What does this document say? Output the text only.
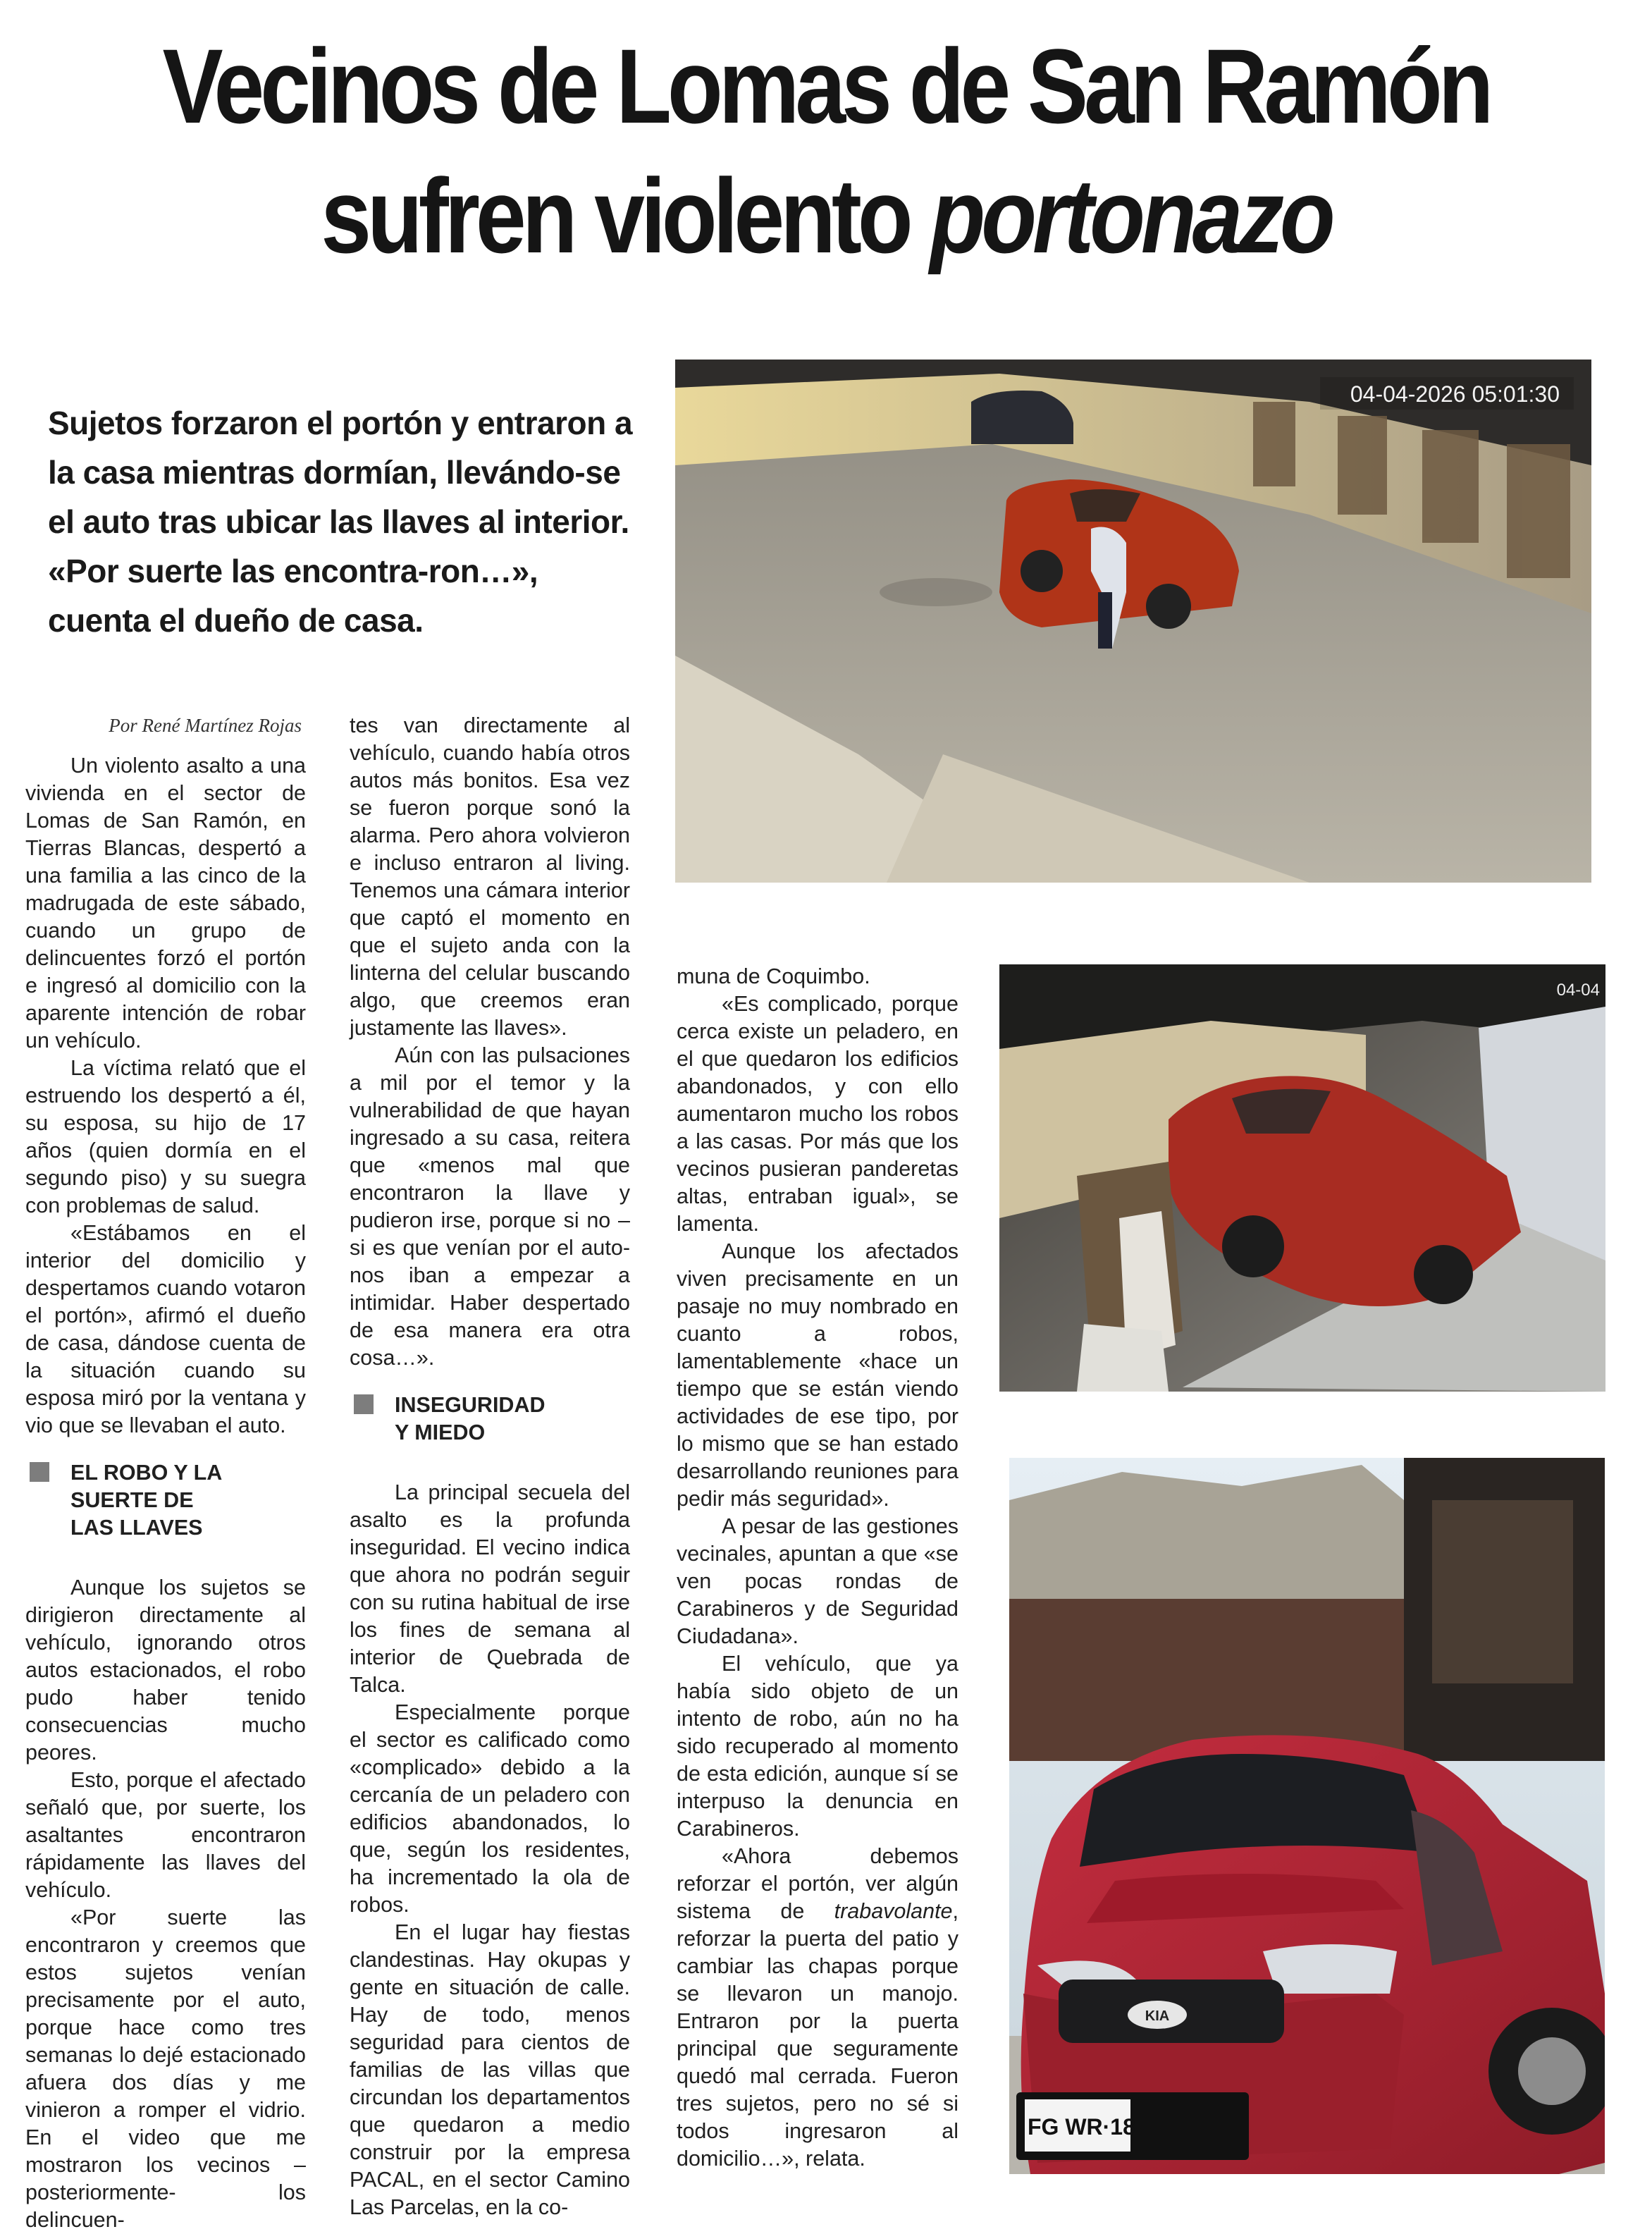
Vecinos de Lomas de San Ramón
sufren violento portonazo
Sujetos forzaron el portón y entraron a la casa mientras dormían, llevándo-se el auto tras ubicar las llaves al interior. «Por suerte las encontra-ron…», cuenta el dueño de casa.
04-04-2026 05:01:30
04-04
KIA
FG WR·18

Por René Martínez Rojas

Un violento asalto a una vivienda en el sector de Lomas de San Ramón, en Tierras Blancas, despertó a una familia a las cinco de la madrugada de este sábado, cuando un grupo de delincuentes forzó el portón e ingresó al domicilio con la aparente intención de robar un vehículo.

La víctima relató que el estruendo los despertó a él, su esposa, su hijo de 17 años (quien dormía en el segundo piso) y su suegra con problemas de salud.

«Estábamos en el interior del domicilio y despertamos cuando votaron el portón», afirmó el dueño de casa, dándose cuenta de la situación cuando su esposa miró por la ventana y vio que se llevaban el auto.

EL ROBO Y LA
SUERTE DE
LAS LLAVES

Aunque los sujetos se dirigieron directamente al vehículo, ignorando otros autos estacionados, el robo pudo haber tenido consecuencias mucho peores.

Esto, porque el afectado señaló que, por suerte, los asaltantes encontraron rápidamente las llaves del vehículo.

«Por suerte las encontraron y creemos que estos sujetos venían precisamente por el auto, porque hace como tres semanas lo dejé estacionado afuera dos días y me vinieron a romper el vidrio. En el video que me mostraron los vecinos –posteriormente- los delincuen-

tes van directamente al vehículo, cuando había otros autos más bonitos. Esa vez se fueron porque sonó la alarma. Pero ahora volvieron e incluso entraron al living. Tenemos una cámara interior que captó el momento en que el sujeto anda con la linterna del celular buscando algo, que creemos eran justamente las llaves».

Aún con las pulsaciones a mil por el temor y la vulnerabilidad de que hayan ingresado a su casa, reitera que «menos mal que encontraron la llave y pudieron irse, porque si no –si es que venían por el auto- nos iban a empezar a intimidar. Haber despertado de esa manera era otra cosa…».

INSEGURIDAD
Y MIEDO

La principal secuela del asalto es la profunda inseguridad. El vecino indica que ahora no podrán seguir con su rutina habitual de irse los fines de semana al interior de Quebrada de Talca.

Especialmente porque el sector es calificado como «complicado» debido a la cercanía de un peladero con edificios abandonados, lo que, según los residentes, ha incrementado la ola de robos.

En el lugar hay fiestas clandestinas. Hay okupas y gente en situación de calle. Hay de todo, menos seguridad para cientos de familias de las villas que circundan los departamentos que quedaron a medio construir por la empresa PACAL, en el sector Camino Las Parcelas, en la co-

muna de Coquimbo.

«Es complicado, porque cerca existe un peladero, en el que quedaron los edificios abandonados, y con ello aumentaron mucho los robos a las casas. Por más que los vecinos pusieran panderetas altas, entraban igual», se lamenta.

Aunque los afectados viven precisamente en un pasaje no muy nombrado en cuanto a robos, lamentablemente «hace un tiempo que se están viendo actividades de ese tipo, por lo mismo que se han estado desarrollando reuniones para pedir más seguridad».

A pesar de las gestiones vecinales, apuntan a que «se ven pocas rondas de Carabineros y de Seguridad Ciudadana».

El vehículo, que ya había sido objeto de un intento de robo, aún no ha sido recuperado al momento de esta edición, aunque sí se interpuso la denuncia en Carabineros.

«Ahora debemos reforzar el portón, ver algún sistema de trabavolante, reforzar la puerta del patio y cambiar las chapas porque se llevaron un manojo. Entraron por la puerta principal que seguramente quedó mal cerrada. Fueron tres sujetos, pero no sé si todos ingresaron al domicilio…», relata.
